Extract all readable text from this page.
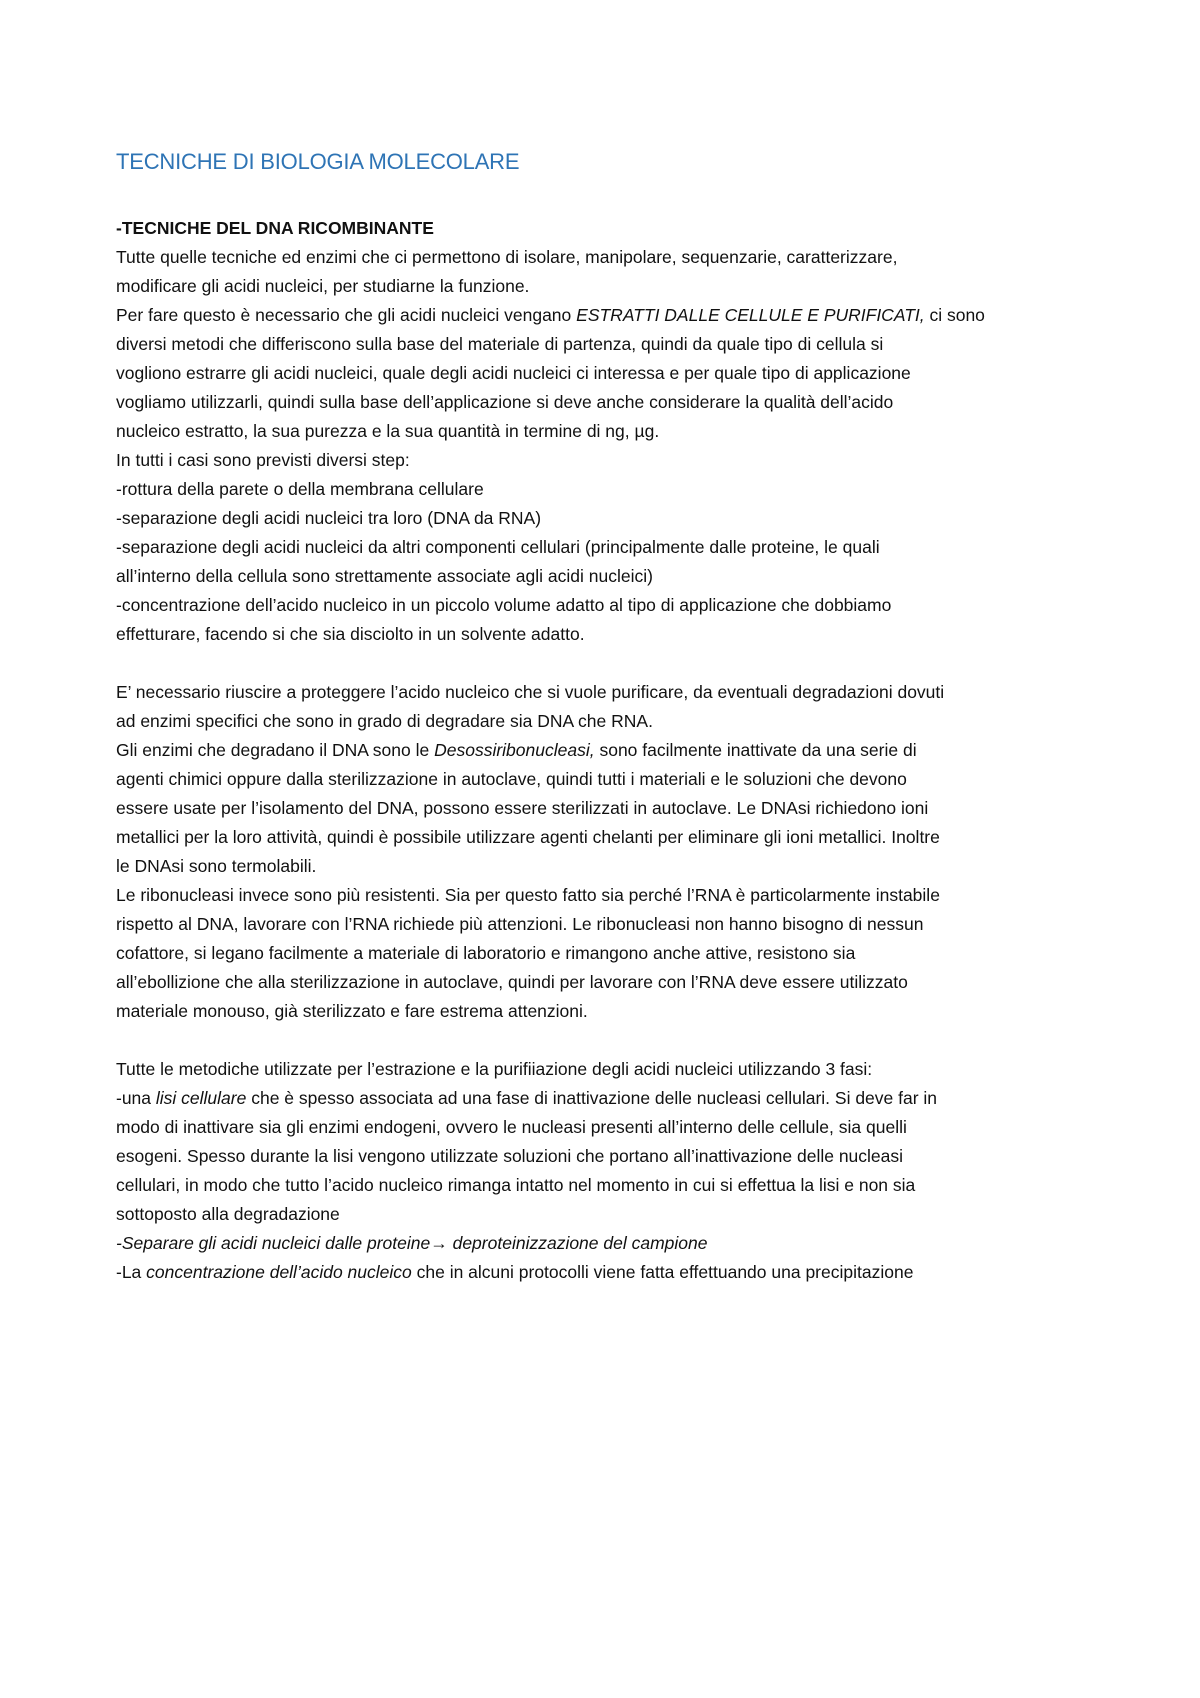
TECNICHE DI BIOLOGIA MOLECOLARE

-TECNICHE DEL DNA RICOMBINANTE

Tutte quelle tecniche ed enzimi che ci permettono di isolare, manipolare, sequenzarie, caratterizzare,
modificare gli acidi nucleici, per studiarne la funzione.
Per fare questo è necessario che gli acidi nucleici vengano ESTRATTI DALLE CELLULE E PURIFICATI, ci sono
diversi metodi che differiscono sulla base del materiale di partenza, quindi da quale tipo di cellula si
vogliono estrarre gli acidi nucleici, quale degli acidi nucleici ci interessa e per quale tipo di applicazione
vogliamo utilizzarli, quindi sulla base dell’applicazione si deve anche considerare la qualità dell’acido
nucleico estratto, la sua purezza e la sua quantità in termine di ng, µg.
In tutti i casi sono previsti diversi step:
-rottura della parete o della membrana cellulare
-separazione degli acidi nucleici tra loro (DNA da RNA)
-separazione degli acidi nucleici da altri componenti cellulari (principalmente dalle proteine, le quali
all’interno della cellula sono strettamente associate agli acidi nucleici)
-concentrazione dell’acido nucleico in un piccolo volume adatto al tipo di applicazione che dobbiamo
effetturare, facendo si che sia disciolto in un solvente adatto.
E’ necessario riuscire a proteggere l’acido nucleico che si vuole purificare, da eventuali degradazioni dovuti
ad enzimi specifici che sono in grado di degradare sia DNA che RNA.
Gli enzimi che degradano il DNA sono le Desossiribonucleasi, sono facilmente inattivate da una serie di
agenti chimici oppure dalla sterilizzazione in autoclave, quindi tutti i materiali e le soluzioni che devono
essere usate per l’isolamento del DNA, possono essere sterilizzati in autoclave. Le DNAsi richiedono ioni
metallici per la loro attività, quindi è possibile utilizzare agenti chelanti per eliminare gli ioni metallici. Inoltre
le DNAsi sono termolabili.
Le ribonucleasi invece sono più resistenti. Sia per questo fatto sia perché l’RNA è particolarmente instabile
rispetto al DNA, lavorare con l’RNA richiede più attenzioni. Le ribonucleasi non hanno bisogno di nessun
cofattore, si legano facilmente a materiale di laboratorio e rimangono anche attive, resistono sia
all’ebollizione che alla sterilizzazione in autoclave, quindi per lavorare con l’RNA deve essere utilizzato
materiale monouso, già sterilizzato e fare estrema attenzioni.
Tutte le metodiche utilizzate per l’estrazione e la purifiiazione degli acidi nucleici utilizzando 3 fasi:
-una lisi cellulare che è spesso associata ad una fase di inattivazione delle nucleasi cellulari. Si deve far in
modo di inattivare sia gli enzimi endogeni, ovvero le nucleasi presenti all’interno delle cellule, sia quelli
esogeni. Spesso durante la lisi vengono utilizzate soluzioni che portano all’inattivazione delle nucleasi
cellulari, in modo che tutto l’acido nucleico rimanga intatto nel momento in cui si effettua la lisi e non sia
sottoposto alla degradazione
-Separare gli acidi nucleici dalle proteine→ deproteinizzazione del campione
-La concentrazione dell’acido nucleico che in alcuni protocolli viene fatta effettuando una precipitazione
